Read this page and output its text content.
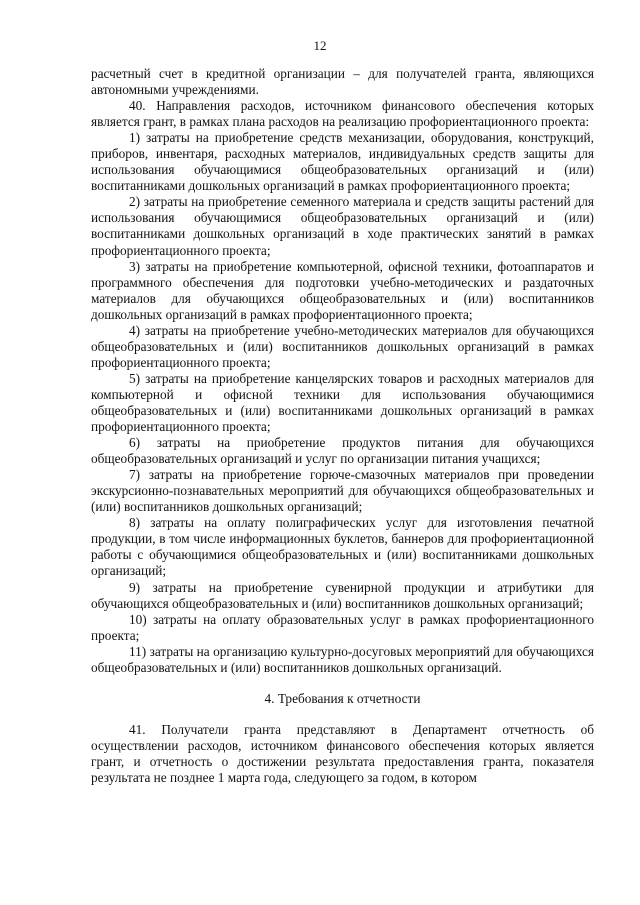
12

расчетный счет в кредитной организации – для получателей гранта, являющихся автономными учреждениями.

40. Направления расходов, источником финансового обеспечения которых является грант, в рамках плана расходов на реализацию профориентационного проекта:

1) затраты на приобретение средств механизации, оборудования, конструкций, приборов, инвентаря, расходных материалов, индивидуальных средств защиты для использования обучающимися общеобразовательных организаций и (или) воспитанниками дошкольных организаций в рамках профориентационного проекта;

2) затраты на приобретение семенного материала и средств защиты растений для использования обучающимися общеобразовательных организаций и (или) воспитанниками дошкольных организаций в ходе практических занятий в рамках профориентационного проекта;

3) затраты на приобретение компьютерной, офисной техники, фотоаппаратов и программного обеспечения для подготовки учебно-методических и раздаточных материалов для обучающихся общеобразовательных и (или) воспитанников дошкольных организаций в рамках профориентационного проекта;

4) затраты на приобретение учебно-методических материалов для обучающихся общеобразовательных и (или) воспитанников дошкольных организаций в рамках профориентационного проекта;

5) затраты на приобретение канцелярских товаров и расходных материалов для компьютерной и офисной техники для использования обучающимися общеобразовательных и (или) воспитанниками дошкольных организаций в рамках профориентационного проекта;

6) затраты на приобретение продуктов питания для обучающихся общеобразовательных организаций и услуг по организации питания учащихся;

7) затраты на приобретение горюче-смазочных материалов при проведении экскурсионно-познавательных мероприятий для обучающихся общеобразовательных и (или) воспитанников дошкольных организаций;

8) затраты на оплату полиграфических услуг для изготовления печатной продукции, в том числе информационных буклетов, баннеров для профориентационной работы с обучающимися общеобразовательных и (или) воспитанниками дошкольных организаций;

9) затраты на приобретение сувенирной продукции и атрибутики для обучающихся общеобразовательных и (или) воспитанников дошкольных организаций;

10) затраты на оплату образовательных услуг в рамках профориентационного проекта;

11) затраты на организацию культурно-досуговых мероприятий для обучающихся общеобразовательных и (или) воспитанников дошкольных организаций.

4. Требования к отчетности

41. Получатели гранта представляют в Департамент отчетность об осуществлении расходов, источником финансового обеспечения которых является грант, и отчетность о достижении результата предоставления гранта, показателя результата не позднее 1 марта года, следующего за годом, в котором
